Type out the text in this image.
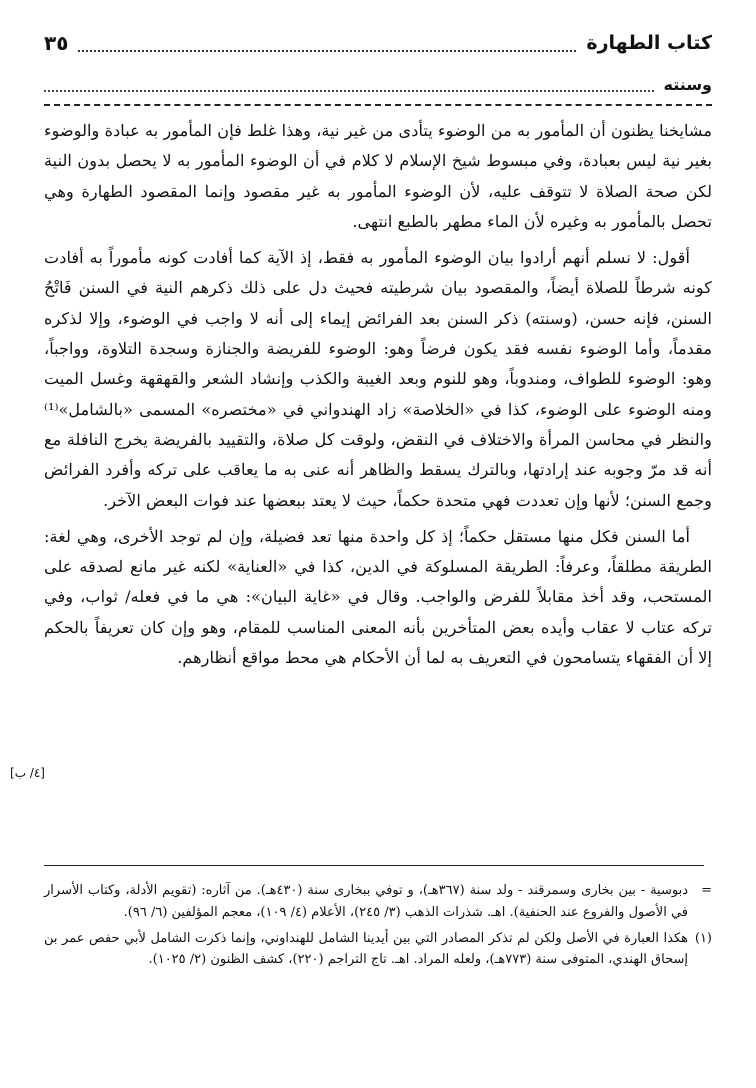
كتاب الطهارة
٣٥
وسنته

مشايخنا يظنون أن المأمور به من الوضوء يتأدى من غير نية، وهذا غلط فإن المأمور به عبادة والوضوء بغير نية ليس بعبادة، وفي مبسوط شيخ الإسلام لا كلام في أن الوضوء المأمور به لا يحصل بدون النية لكن صحة الصلاة لا تتوقف عليه، لأن الوضوء المأمور به غير مقصود وإنما المقصود الطهارة وهي تحصل بالمأمور به وغيره لأن الماء مطهر بالطبع انتهى.

أقول: لا نسلم أنهم أرادوا بيان الوضوء المأمور به فقط، إذ الآية كما أفادت كونه مأموراً به أفادت كونه شرطاً للصلاة أيضاً، والمقصود بيان شرطيته فحيث دل على ذلك ذكرهم النية في السنن فَاتْحُ السنن، فإنه حسن، (وسنته) ذكر السنن بعد الفرائض إيماء إلى أنه لا واجب في الوضوء، وإلا لذكره مقدماً، وأما الوضوء نفسه فقد يكون فرضاً وهو: الوضوء للفريضة والجنازة وسجدة التلاوة، وواجباً، وهو: الوضوء للطواف، ومندوباً، وهو للنوم وبعد الغيبة والكذب وإنشاد الشعر والقهقهة وغسل الميت ومنه الوضوء على الوضوء، كذا في «الخلاصة» زاد الهندواني في «مختصره» المسمى «بالشامل»⁽¹⁾ والنظر في محاسن المرأة والاختلاف في النقض، ولوقت كل صلاة، والتقييد بالفريضة يخرج النافلة مع أنه قد مرّ وجوبه عند إرادتها، وبالترك يسقط والظاهر أنه عنى به ما يعاقب على تركه وأفرد الفرائض وجمع السنن؛ لأنها وإن تعددت فهي متحدة حكماً، حيث لا يعتد ببعضها عند فوات البعض الآخر.

أما السنن فكل منها مستقل حكماً؛ إذ كل واحدة منها تعد فضيلة، وإن لم توجد الأخرى، وهي لغة: الطريقة مطلقاً، وعرفاً: الطريقة المسلوكة في الدين، كذا في «العناية» لكنه غير مانع لصدقه على المستحب، وقد أخذ مقابلاً للفرض والواجب. وقال في «غاية البيان»: هي ما في فعله/ ثواب، وفي تركه عتاب لا عقاب وأيده بعض المتأخرين بأنه المعنى المناسب للمقام، وهو وإن كان تعريفاً بالحكم إلا أن الفقهاء يتسامحون في التعريف به لما أن الأحكام هي محط مواقع أنظارهم.

[٤/ ب]

=
دبوسية - بين بخارى وسمرقند - ولد سنة (٣٦٧هـ)، و توفي ببخارى سنة (٤٣٠هـ). من آثاره: (تقويم الأدلة، وكتاب الأسرار في الأصول والفروع عند الحنفية). اهـ. شذرات الذهب (٣/ ٢٤٥)، الأعلام (٤/ ١٠٩)، معجم المؤلفين (٦/ ٩٦).

(١)
هكذا العبارة في الأصل ولكن لم تذكر المصادر التي بين أيدينا الشامل للهنداوني، وإنما ذكرت الشامل لأبي حفص عمر بن إسحاق الهندي، المتوفى سنة (٧٧٣هـ)، ولعله المراد. اهـ. تاج التراجم (٢٢٠)، كشف الظنون (٢/ ١٠٢٥).
